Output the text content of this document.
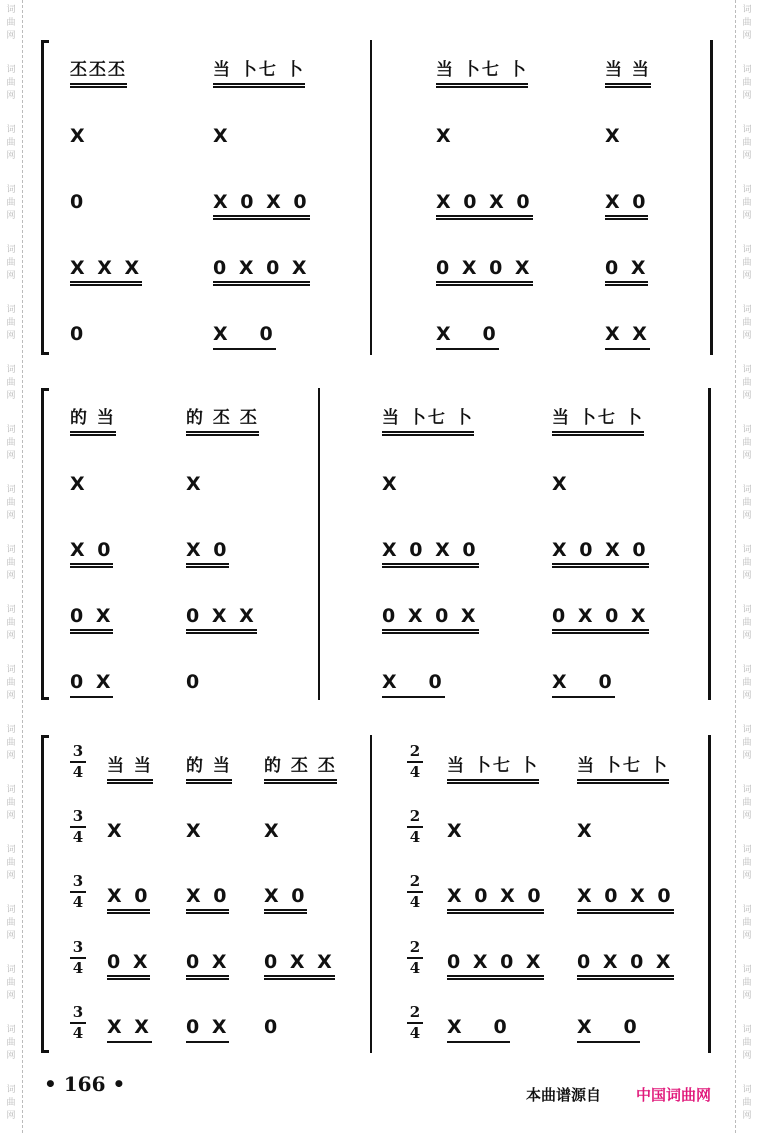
词
曲
网
词
曲
网
词
曲
网
词
曲
网
词
曲
网
词
曲
网
词
曲
网
词
曲
网
词
曲
网
词
曲
网
词
曲
网
词
曲
网
词
曲
网
词
曲
网
词
曲
网
词
曲
网
词
曲
网
词
曲
网
词
曲
网
词
曲
网
词
曲
网
词
曲
网
词
曲
网
词
曲
网
词
曲
网
词
曲
网
词
曲
网
词
曲
网
词
曲
网
词
曲
网
词
曲
网
词
曲
网
词
曲
网
词
曲
网
词
曲
网
词
曲
网
词
曲
网
词
曲
网
丕丕丕
X
0
X X X
0
当 卜七 卜
X
X 0 X 0
0 X 0 X
X   0
当 卜七 卜
X
X 0 X 0
0 X 0 X
X   0
当 当
X
X 0
0 X
X X
的 当
X
X 0
0 X
0 X
的 丕 丕
X
X 0
0 X X
0
当 卜七 卜
X
X 0 X 0
0 X 0 X
X   0
当 卜七 卜
X
X 0 X 0
0 X 0 X
X   0
$\frac{3}{4}$
$\frac{3}{4}$
$\frac{3}{4}$
$\frac{3}{4}$
$\frac{3}{4}$
当 当
X
X 0
0 X
X X
的 当
X
X 0
0 X
0 X
的 丕 丕
X
X 0
0 X X
0
$\frac{2}{4}$
$\frac{2}{4}$
$\frac{2}{4}$
$\frac{2}{4}$
$\frac{2}{4}$
当 卜七 卜
X
X 0 X 0
0 X 0 X
X   0
当 卜七 卜
X
X 0 X 0
0 X 0 X
X   0
• 166 •	本曲谱源自 中国词曲网
